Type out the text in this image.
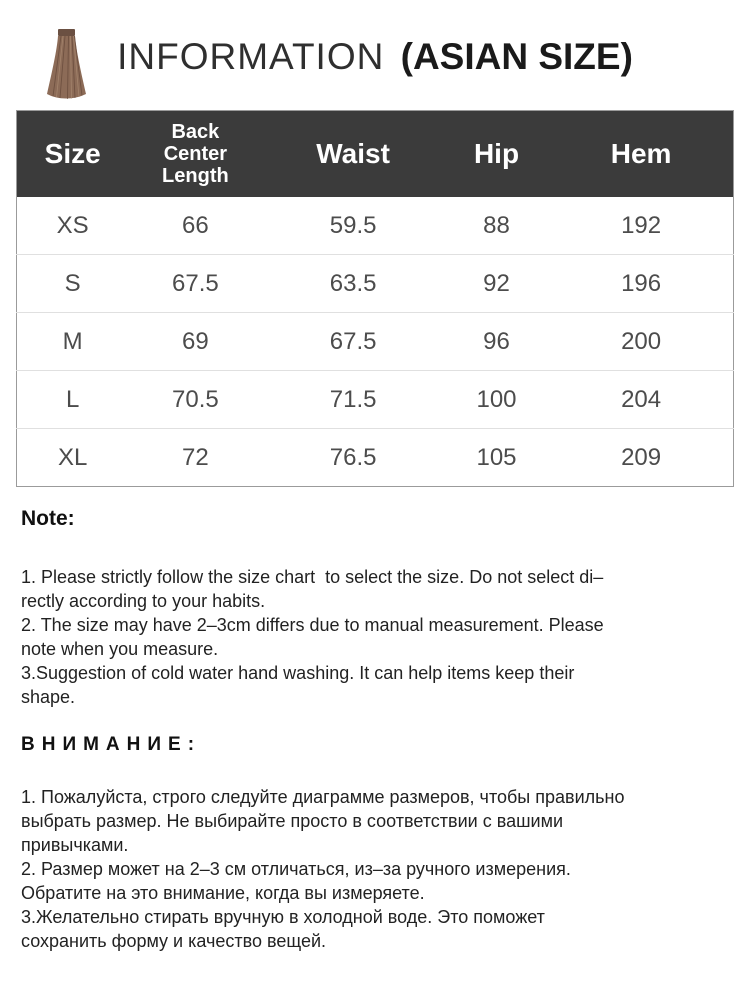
INFORMATION (ASIAN SIZE)
Size	Back Center Length	Waist	Hip	Hem
XS	66	59.5	88	192
S	67.5	63.5	92	196
M	69	67.5	96	200
L	70.5	71.5	100	204
XL	72	76.5	105	209
Note:
1. Please strictly follow the size chart  to select the size. Do not select di–
rectly according to your habits.
2. The size may have 2–3cm differs due to manual measurement. Please
note when you measure.
3.Suggestion of cold water hand washing. It can help items keep their
shape.
ВНИМАНИЕ:
1. Пожалуйста, строго следуйте диаграмме размеров, чтобы правильно
выбрать размер. Не выбирайте просто в соответствии с вашими
привычками.
2. Размер может на 2–3 см отличаться, из–за ручного измерения.
Обратите на это внимание, когда вы измеряете.
3.Желательно стирать вручную в холодной воде. Это поможет
сохранить форму и качество вещей.
